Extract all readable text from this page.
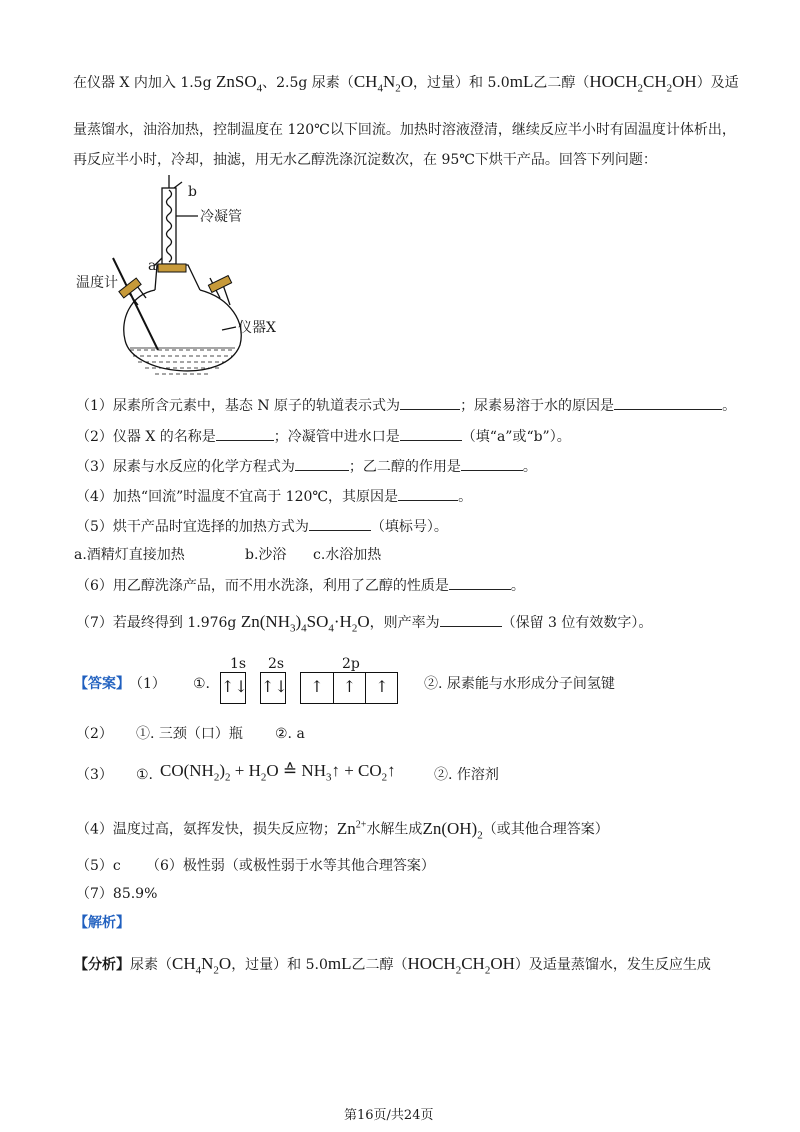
在仪器 X 内加入 1.5g ZnSO$_4$、2.5g 尿素（$CH_4N_2O$，过量）和 5.0mL乙二醇$(HOCH_2CH_2OH)$及适
量蒸馏水，油浴加热，控制温度在 120℃以下回流。加热时溶液澄清，继续反应半小时有固温度计体析出，
再反应半小时，冷却，抽滤，用无水乙醇洗涤沉淀数次，在 95℃下烘干产品。回答下列问题：
b
冷凝管
a
温度计
仪器X
（1）尿素所含元素中，基态 N 原子的轨道表示式为	；尿素易溶于水的原因是	。
（2）仪器 X 的名称是	；冷凝管中进水口是	（填“a”或“b”）。
（3）尿素与水反应的化学方程式为	；乙二醇的作用是	。
（4）加热“回流”时温度不宜高于 120℃，其原因是	。
（5）烘干产品时宜选择的加热方式为	（填标号）。
a.酒精灯直接加热	b.沙浴 c.水浴加热
（6）用乙醇洗涤产品，而不用水洗涤，利用了乙醇的性质是	。
（7）若最终得到 1.976g $Zn(NH_3)_4SO_4\cdot H_2O$，则产率为	（保留 3 位有效数字）。
【答案】 （1） ①.
1s 2s	2p
↑↓ ↑↓	↑	↑	↑	②. 尿素能与水形成分子间氢键
（2） ①. 三颈（口）瓶 ②. a
（3） ①. $CO(NH_2)_2 + H_2O$ ≙ $NH_3↑$ + $CO_2↑$	②. 作溶剂
（4）温度过高，氨挥发快，损失反应物；$Zn^{2+}$水解生成$Zn(OH)_2$（或其他合理答案）
（5）c （6）极性弱（或极性弱于水等其他合理答案）
（7）85.9%
【解析】
【分析】尿素（$CH_4N_2O$，过量）和 5.0mL乙二醇$(HOCH_2CH_2OH)$及适量蒸馏水，发生反应生成
第16页/共24页
